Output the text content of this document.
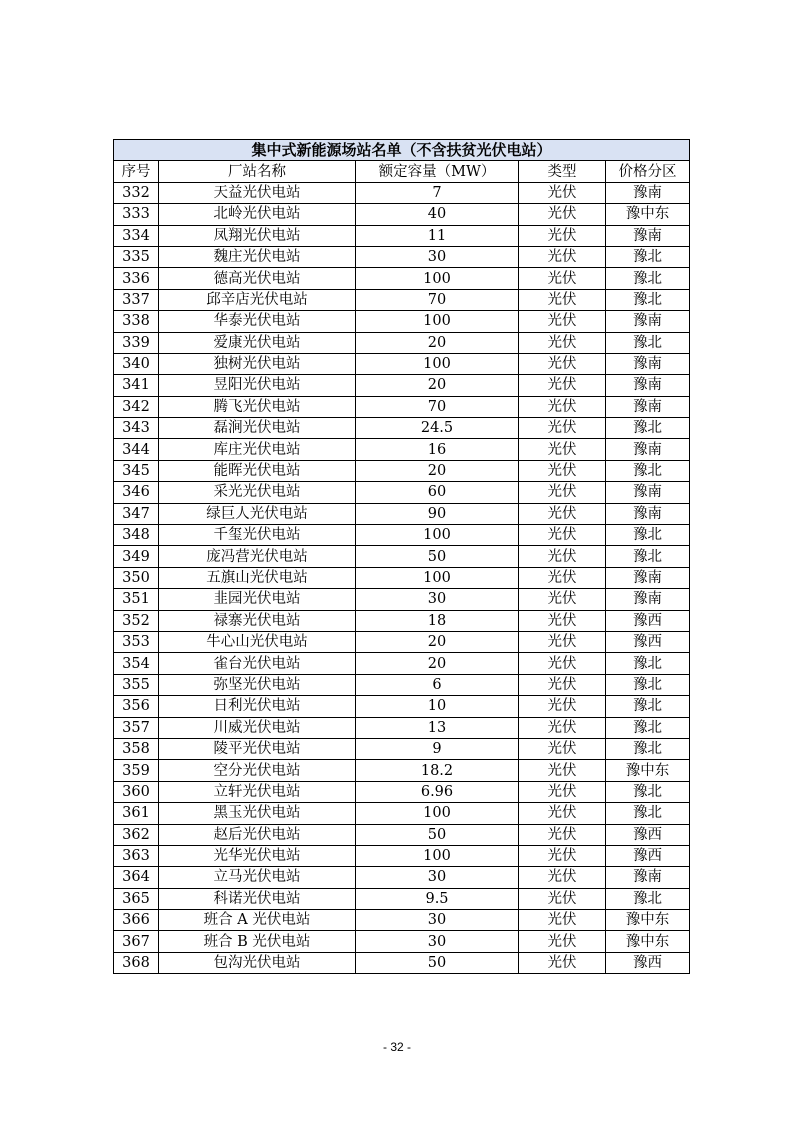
集中式新能源场站名单（不含扶贫光伏电站）				
序号	厂站名称	额定容量（MW）	类型	价格分区
332	天益光伏电站	7	光伏	豫南
333	北岭光伏电站	40	光伏	豫中东
334	凤翔光伏电站	11	光伏	豫南
335	魏庄光伏电站	30	光伏	豫北
336	德高光伏电站	100	光伏	豫北
337	邱辛店光伏电站	70	光伏	豫北
338	华泰光伏电站	100	光伏	豫南
339	爱康光伏电站	20	光伏	豫北
340	独树光伏电站	100	光伏	豫南
341	昱阳光伏电站	20	光伏	豫南
342	腾飞光伏电站	70	光伏	豫南
343	磊涧光伏电站	24.5	光伏	豫北
344	库庄光伏电站	16	光伏	豫南
345	能晖光伏电站	20	光伏	豫北
346	采光光伏电站	60	光伏	豫南
347	绿巨人光伏电站	90	光伏	豫南
348	千玺光伏电站	100	光伏	豫北
349	庞冯营光伏电站	50	光伏	豫北
350	五旗山光伏电站	100	光伏	豫南
351	韭园光伏电站	30	光伏	豫南
352	禄寨光伏电站	18	光伏	豫西
353	牛心山光伏电站	20	光伏	豫西
354	雀台光伏电站	20	光伏	豫北
355	弥坚光伏电站	6	光伏	豫北
356	日利光伏电站	10	光伏	豫北
357	川威光伏电站	13	光伏	豫北
358	陵平光伏电站	9	光伏	豫北
359	空分光伏电站	18.2	光伏	豫中东
360	立轩光伏电站	6.96	光伏	豫北
361	黑玉光伏电站	100	光伏	豫北
362	赵后光伏电站	50	光伏	豫西
363	光华光伏电站	100	光伏	豫西
364	立马光伏电站	30	光伏	豫南
365	科诺光伏电站	9.5	光伏	豫北
366	班合 A 光伏电站	30	光伏	豫中东
367	班合 B 光伏电站	30	光伏	豫中东
368	包沟光伏电站	50	光伏	豫西
- 32 -
